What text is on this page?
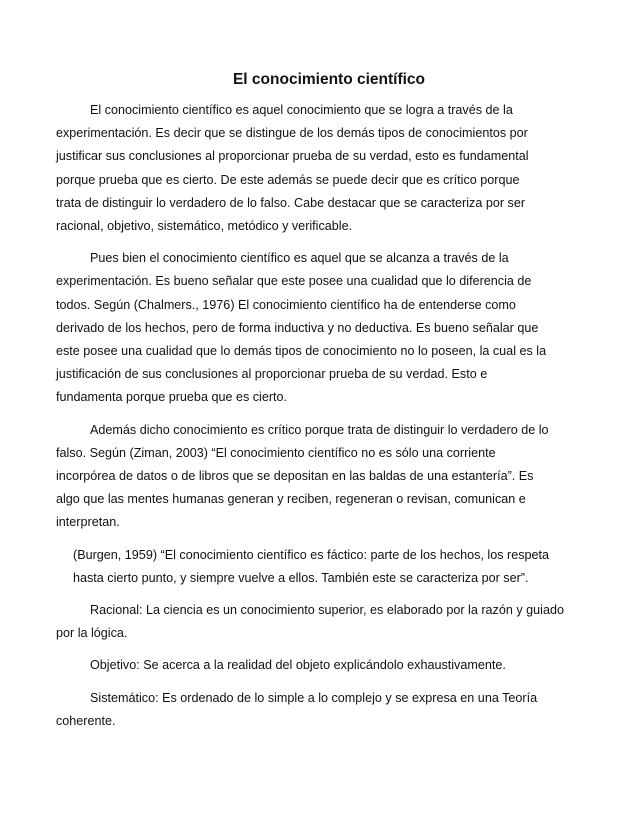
El conocimiento científico

El conocimiento científico es aquel conocimiento que se logra a través de la
experimentación. Es decir que se distingue de los demás tipos de conocimientos por
justificar sus conclusiones al proporcionar prueba de su verdad, esto es fundamental
porque prueba que es cierto. De este además se puede decir que es crítico porque
trata de distinguir lo verdadero de lo falso. Cabe destacar que se caracteriza por ser
racional, objetivo, sistemático, metódico y verificable.

Pues bien el conocimiento científico es aquel que se alcanza a través de la
experimentación. Es bueno señalar que este posee una cualidad que lo diferencia de
todos. Según (Chalmers., 1976) El conocimiento científico ha de entenderse como
derivado de los hechos, pero de forma inductiva y no deductiva. Es bueno señalar que
este posee una cualidad que lo demás tipos de conocimiento no lo poseen, la cual es la
justificación de sus conclusiones al proporcionar prueba de su verdad. Esto e
fundamenta porque prueba que es cierto.

Además dicho conocimiento es crítico porque trata de distinguir lo verdadero de lo
falso. Según (Ziman, 2003) “El conocimiento científico no es sólo una corriente
incorpórea de datos o de libros que se depositan en las baldas de una estantería”. Es
algo que las mentes humanas generan y reciben, regeneran o revisan, comunican e
interpretan.

(Burgen, 1959) “El conocimiento científico es fáctico: parte de los hechos, los respeta
hasta cierto punto, y siempre vuelve a ellos. También este se caracteriza por ser”.

Racional: La ciencia es un conocimiento superior, es elaborado por la razón y guiado
por la lógica.

Objetivo: Se acerca a la realidad del objeto explicándolo exhaustivamente.

Sistemático: Es ordenado de lo simple a lo complejo y se expresa en una Teoría
coherente.
